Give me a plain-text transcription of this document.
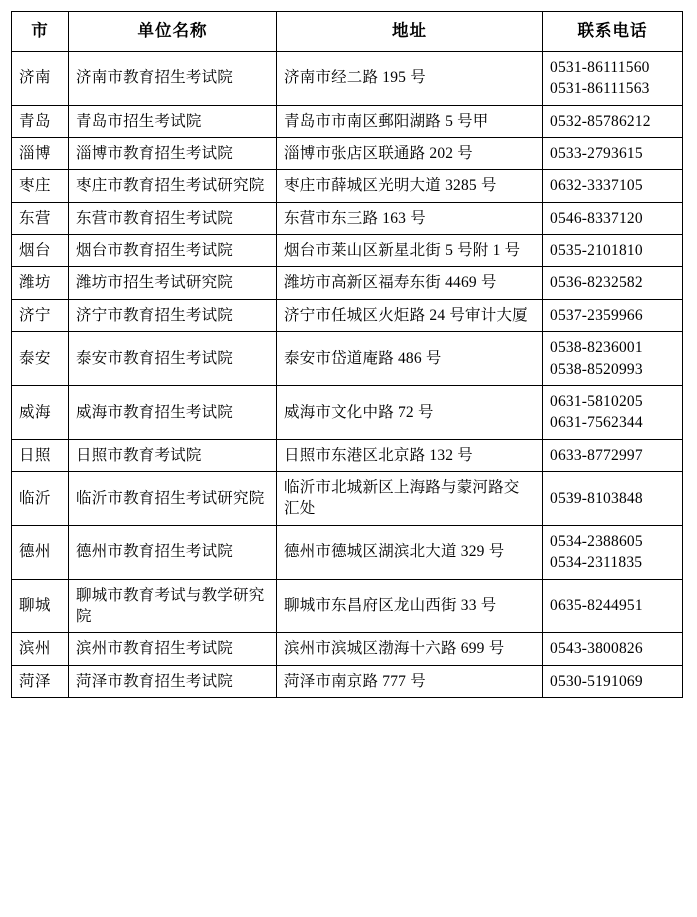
市	单位名称	地址	联系电话
济南	济南市教育招生考试院	济南市经二路 195 号	0531-86111560
0531-86111563

青岛	青岛市招生考试院	青岛市市南区郵阳湖路 5 号甲	0532-85786212

淄博	淄博市教育招生考试院	淄博市张店区联通路 202 号	0533-2793615

枣庄	枣庄市教育招生考试研究院	枣庄市薛城区光明大道 3285 号	0632-3337105

东营	东营市教育招生考试院	东营市东三路 163 号	0546-8337120

烟台	烟台市教育招生考试院	烟台市莱山区新星北街 5 号附 1 号	0535-2101810

潍坊	潍坊市招生考试研究院	潍坊市高新区福寿东街 4469 号	0536-8232582

济宁	济宁市教育招生考试院	济宁市任城区火炬路 24 号审计大厦	0537-2359966

泰安	泰安市教育招生考试院	泰安市岱道庵路 486 号	0538-8236001
0538-8520993

威海	威海市教育招生考试院	威海市文化中路 72 号	0631-5810205
0631-7562344

日照	日照市教育考试院	日照市东港区北京路 132 号	0633-8772997

临沂	临沂市教育招生考试研究院	临沂市北城新区上海路与蒙河路交汇处	0539-8103848

德州	德州市教育招生考试院	德州市德城区湖滨北大道 329 号	0534-2388605
0534-2311835

聊城	聊城市教育考试与教学研究院	聊城市东昌府区龙山西街 33 号	0635-8244951

滨州	滨州市教育招生考试院	滨州市滨城区渤海十六路 699 号	0543-3800826

菏泽	菏泽市教育招生考试院	菏泽市南京路 777 号	0530-5191069
